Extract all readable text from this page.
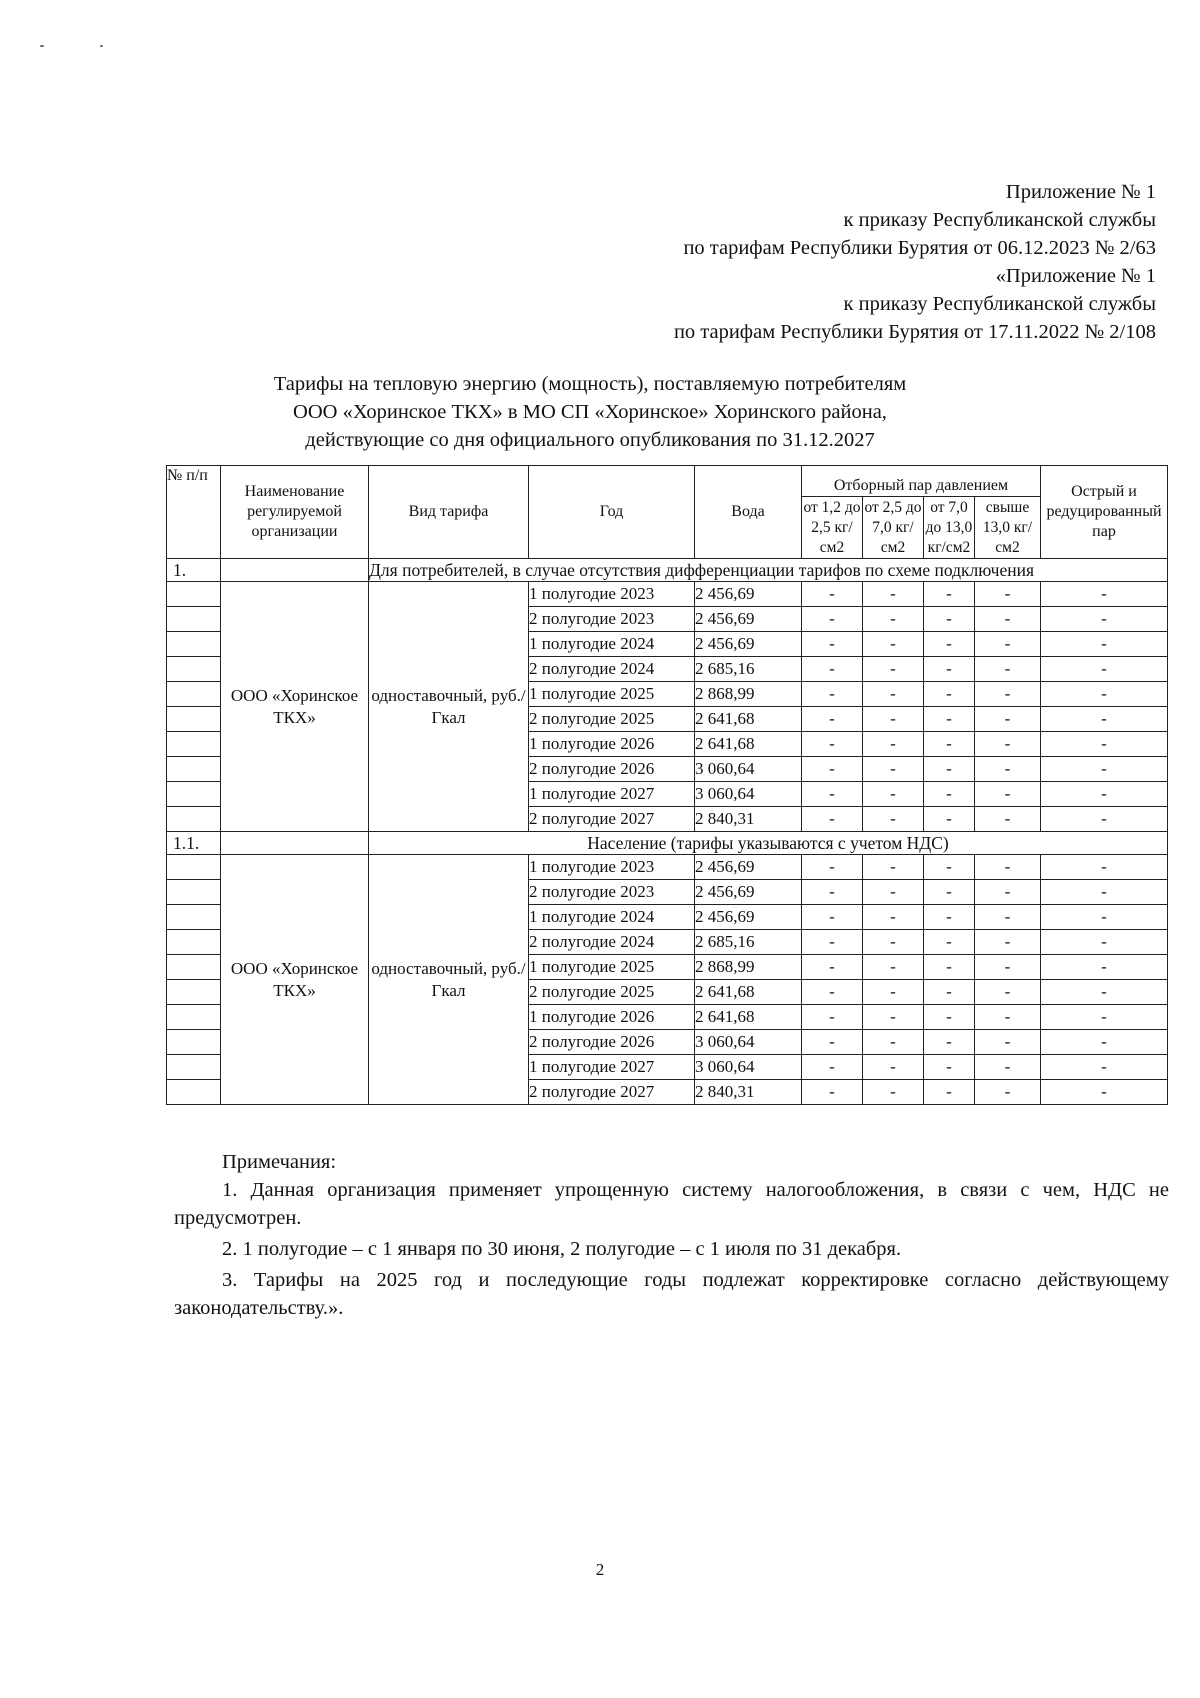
Приложение № 1
к приказу Республиканской службы
по тарифам Республики Бурятия от 06.12.2023 № 2/63
«Приложение № 1
к приказу Республиканской службы
по тарифам Республики Бурятия от 17.11.2022 № 2/108
Тарифы на тепловую энергию (мощность), поставляемую потребителям
ООО «Хоринское ТКХ» в МО СП «Хоринское» Хоринского района,
действующие со дня официального опубликования по 31.12.2027
№ п/п	Наименование регулируемой организации	Вид тарифа	Год	Вода	Отборный пар давлением				Острый и редуцированный пар
					от 1,2 до 2,5 кг/см2	от 2,5 до 7,0 кг/см2	от 7,0 до 13,0 кг/см2	свыше 13,0 кг/см2	
1.		Для потребителей, в случае отсутствия дифференциации тарифов по схеме подключения							
	ООО «Хоринское ТКХ»	одноставочный, руб./Гкал	1 полугодие 2023	2 456,69	-	-	-	-	-
			2 полугодие 2023	2 456,69	-	-	-	-	-
			1 полугодие 2024	2 456,69	-	-	-	-	-
			2 полугодие 2024	2 685,16	-	-	-	-	-
			1 полугодие 2025	2 868,99	-	-	-	-	-
			2 полугодие 2025	2 641,68	-	-	-	-	-
			1 полугодие 2026	2 641,68	-	-	-	-	-
			2 полугодие 2026	3 060,64	-	-	-	-	-
			1 полугодие 2027	3 060,64	-	-	-	-	-
			2 полугодие 2027	2 840,31	-	-	-	-	-
1.1.		Население (тарифы указываются с учетом НДС)							
	ООО «Хоринское ТКХ»	одноставочный, руб./Гкал	1 полугодие 2023	2 456,69	-	-	-	-	-
			2 полугодие 2023	2 456,69	-	-	-	-	-
			1 полугодие 2024	2 456,69	-	-	-	-	-
			2 полугодие 2024	2 685,16	-	-	-	-	-
			1 полугодие 2025	2 868,99	-	-	-	-	-
			2 полугодие 2025	2 641,68	-	-	-	-	-
			1 полугодие 2026	2 641,68	-	-	-	-	-
			2 полугодие 2026	3 060,64	-	-	-	-	-
			1 полугодие 2027	3 060,64	-	-	-	-	-
			2 полугодие 2027	2 840,31	-	-	-	-	-
Примечания:

1. Данная организация применяет упрощенную систему налогообложения, в связи с чем, НДС не предусмотрен.

2. 1 полугодие – с 1 января по 30 июня, 2 полугодие – с 1 июля по 31 декабря.

3. Тарифы на 2025 год и последующие годы подлежат корректировке согласно действующему законодательству.».

2
